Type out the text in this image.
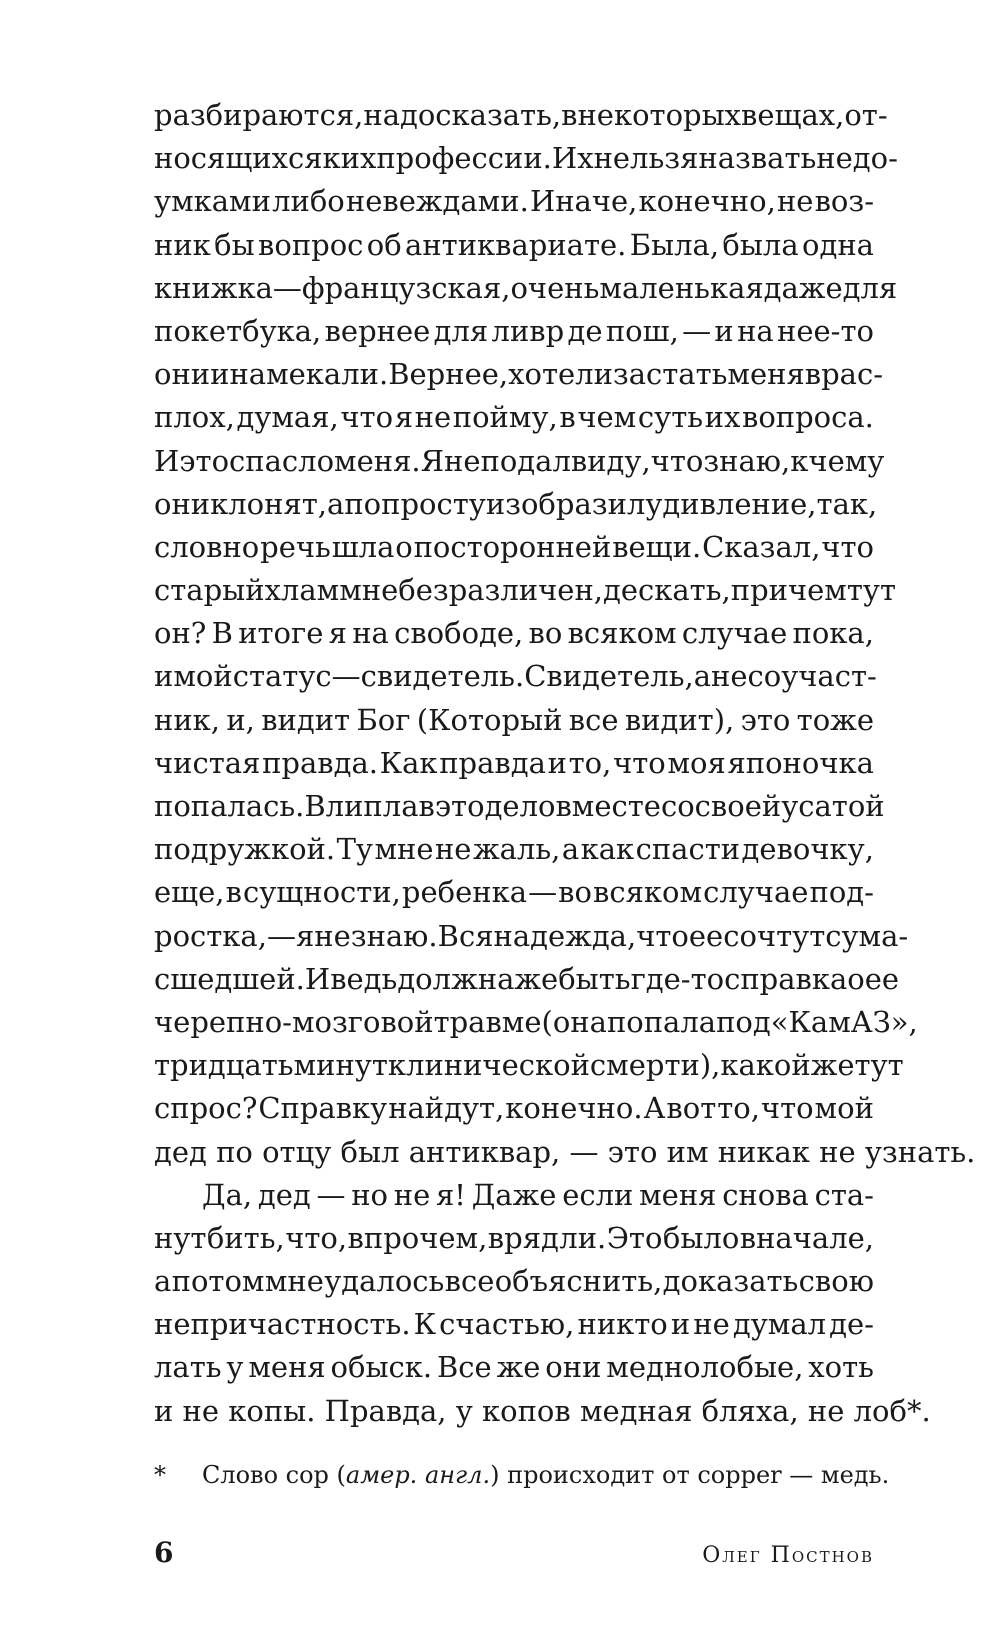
разбираются, надо сказать, в некоторых вещах, от-
носящихся к их профессии. Их нельзя назвать недо-
умками либо невеждами. Иначе, конечно, не воз-
ник бы вопрос об антиквариате. Была, была одна
книжка — французская, очень маленькая даже для
покетбука, вернее для ливр де пош, — и на нее-то
они и намекали. Вернее, хотели застать меня врас-
плох, думая, что я не пойму, в чем суть их вопроса.
И это спасло меня. Я не подал виду, что знаю, к чему
они клонят, а попросту изобразил удивление, так,
словно речь шла о посторонней вещи. Сказал, что
старый хлам мне безразличен, дескать, при чем тут
он? В итоге я на свободе, во всяком случае пока,
и мой статус — свидетель. Свидетель, а не соучаст-
ник, и, видит Бог (Который все видит), это тоже
чистая правда. Как правда и то, что моя японочка
попалась. Влипла в это дело вместе со своей усатой
подружкой. Ту мне не жаль, а как спасти девочку,
еще, в сущности, ребенка — во всяком случае под-
ростка, — я не знаю. Вся надежда, что ее сочтут сума-
сшедшей. И ведь должна же быть где-то справка о ее
черепно-мозговой травме (она попала под «КамАЗ»,
тридцать минут клинической смерти), какой же тут
спрос? Справку найдут, конечно. А вот то, что мой
дед по отцу был антиквар, — это им никак не узнать.
Да, дед — но не я! Даже если меня снова ста-
нут бить, что, впрочем, вряд ли. Это было вначале,
а потом мне удалось все объяснить, доказать свою
непричастность. К счастью, никто и не думал де-
лать у меня обыск. Все же они меднолобые, хоть
и не копы. Правда, у копов медная бляха, не лоб*.
* Слово cop (амер. англ.) происходит от copper — медь.
6	Олег Постнов
